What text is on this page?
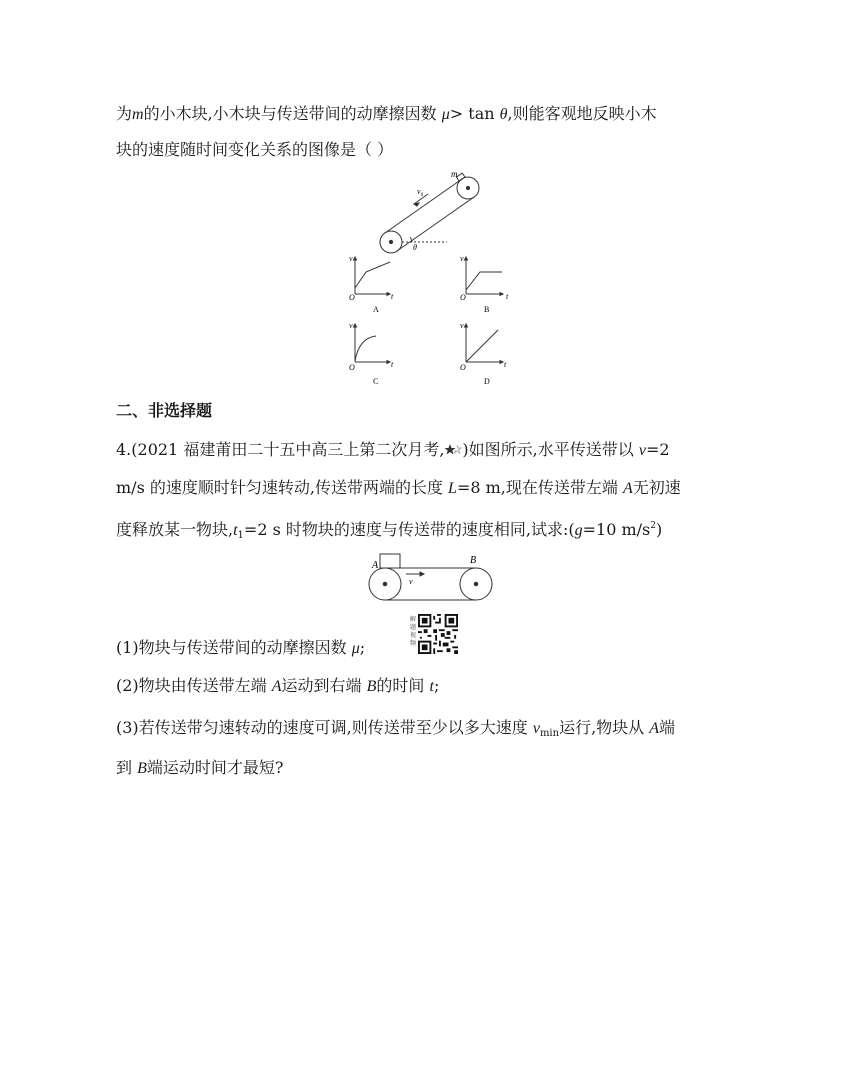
为m的小木块,小木块与传送带间的动摩擦因数 μ> tan θ,则能客观地反映小木
块的速度随时间变化关系的图像是（ ）
m
$v_0$
θ
v
O	t
A
v
O	t
B
v
O	t
C
v
O	t
D
二、非选择题
4.(2021 福建莆田二十五中高三上第二次月考, )如图所示,水平传送带以 v=2
m/s 的速度顺时针匀速转动,传送带两端的长度 L=8 m,现在传送带左端 A无初速
度释放某一物块$,t_1=2$ s 时物块的速度与传送带的速度相同,试求:(g=10 $m/s^2$)
A	B
v
解题视频
(1)物块与传送带间的动摩擦因数 μ;
(2)物块由传送带左端 A运动到右端 B的时间 t;
(3)若传送带匀速转动的速度可调,则传送带至少以多大速度 $v_{min}$运行,物块从 A端
到 B端运动时间才最短?
